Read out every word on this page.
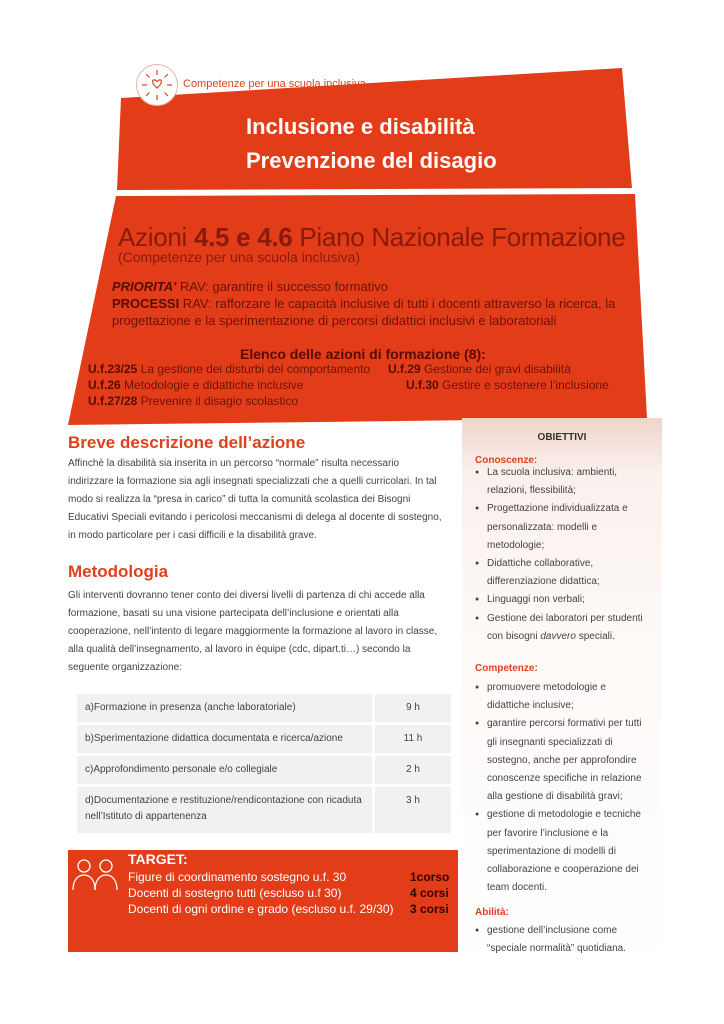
Competenze per una scuola inclusiva
Inclusione e disabilità
Prevenzione del disagio
Azioni 4.5 e 4.6 Piano Nazionale Formazione
(Competenze per una scuola inclusiva)
PRIORITA' RAV: garantire il successo formativo
PROCESSI RAV: rafforzare le capacità inclusive di tutti i docenti attraverso la ricerca, la progettazione e la sperimentazione di percorsi didattici inclusivi e laboratoriali
Elenco delle azioni di formazione (8):
U.f.23/25 La gestione dei disturbi del comportamento U.f.29 Gestione dei gravi disabilità
U.f.26 Metodologie e didattiche inclusive	U.f.30 Gestire e sostenere l’inclusione
U.f.27/28 Prevenire il disagio scolastico
Breve descrizione dell’azione
Affinchè la disabilità sia inserita in un percorso “normale” risulta necessario
indirizzare la formazione sia agli insegnati specializzati che a quelli curricolari. In tal
modo si realizza la “presa in carico” di tutta la comunità scolastica dei Bisogni
Educativi Speciali evitando i pericolosi meccanismi di delega al docente di sostegno,
in modo particolare per i casi difficili e la disabilità grave.
Metodologia
Gli interventi dovranno tener conto dei diversi livelli di partenza di chi accede alla
formazione, basati su una visione partecipata dell’inclusione e orientati alla
cooperazione, nell’intento di legare maggiormente la formazione al lavoro in classe,
alla qualità dell’insegnamento, al lavoro in équipe (cdc, dipart.ti…) secondo la
seguente organizzazione:
a)Formazione in presenza (anche laboratoriale)	9 h
b)Sperimentazione didattica documentata e ricerca/azione	11 h
c)Approfondimento personale e/o collegiale	2 h
d)Documentazione e restituzione/rendicontazione con ricaduta nell’Istituto di appartenenza	3 h
TARGET:
Figure di coordinamento sostegno u.f. 30	1corso
Docenti di sostegno tutti (escluso u.f 30)	4 corsi
Docenti di ogni ordine e grado (escluso u.f. 29/30) 3 corsi
OBIETTIVI
Conoscenze:
● La scuola inclusiva: ambienti, relazioni, flessibilità;
● Progettazione individualizzata e personalizzata: modelli e metodologie;
● Didattiche collaborative, differenziazione didattica;
● Linguaggi non verbali;
● Gestione dei laboratori per studenti con bisogni davvero speciali.
Competenze:
● promuovere metodologie e didattiche inclusive;
● garantire percorsi formativi per tutti gli insegnanti specializzati di sostegno, anche per approfondire conoscenze specifiche in relazione alla gestione di disabilità gravi;
● gestione di metodologie e tecniche per favorire l’inclusione e la sperimentazione di modelli di collaborazione e cooperazione dei team docenti.
Abilità:
● gestione dell’inclusione come “speciale normalità” quotidiana.
